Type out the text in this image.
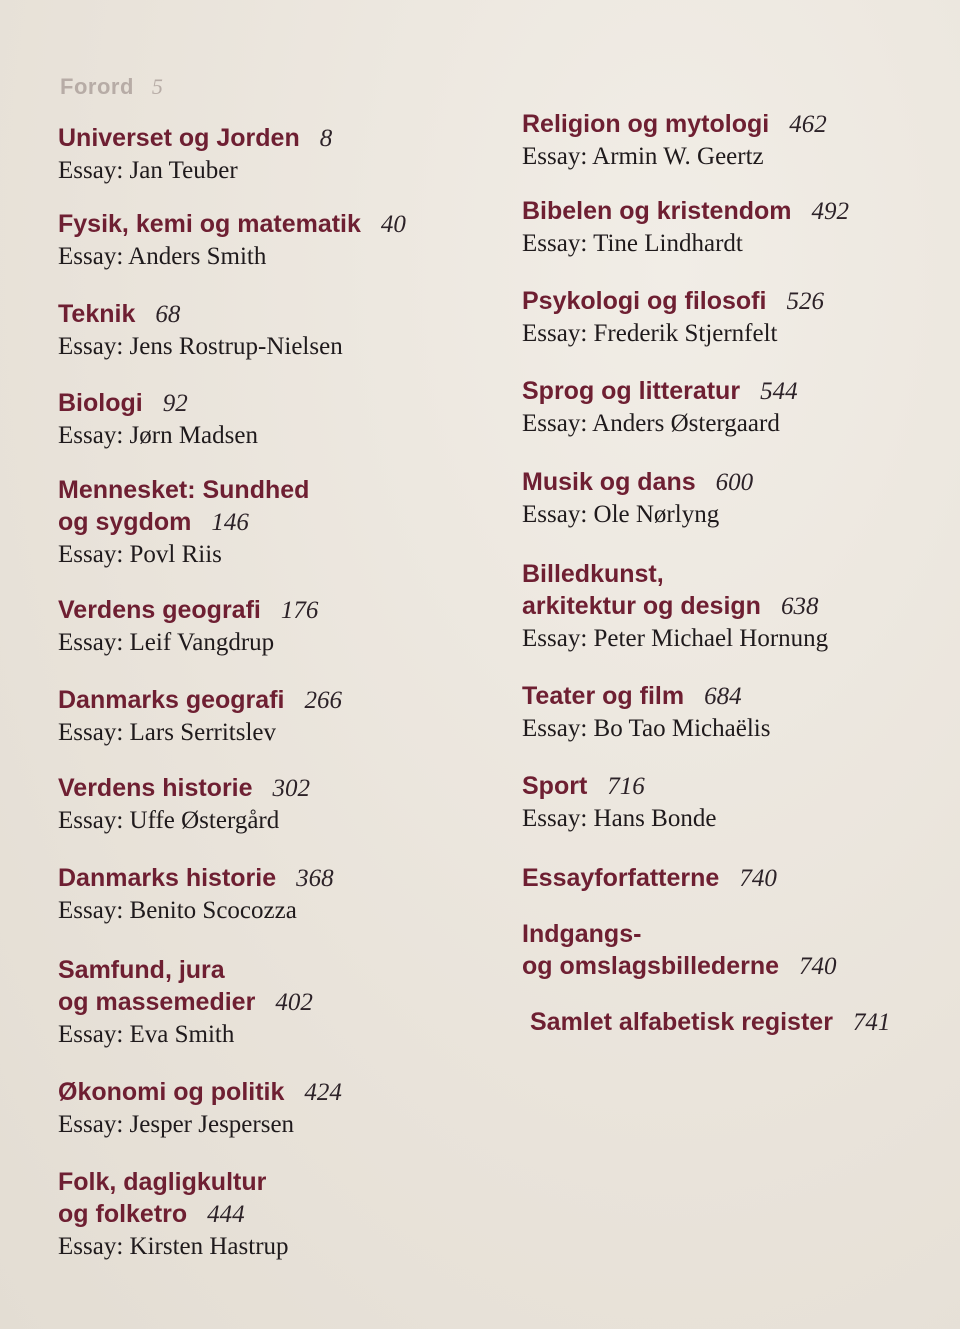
Forord 5
Universet og Jorden 8
Essay: Jan Teuber
Fysik, kemi og matematik 40
Essay: Anders Smith
Teknik 68
Essay: Jens Rostrup-Nielsen
Biologi 92
Essay: Jørn Madsen
Mennesket: Sundhed
og sygdom 146
Essay: Povl Riis
Verdens geografi 176
Essay: Leif Vangdrup
Danmarks geografi 266
Essay: Lars Serritslev
Verdens historie 302
Essay: Uffe Østergård
Danmarks historie 368
Essay: Benito Scocozza
Samfund, jura
og massemedier 402
Essay: Eva Smith
Økonomi og politik 424
Essay: Jesper Jespersen
Folk, dagligkultur
og folketro 444
Essay: Kirsten Hastrup
Religion og mytologi 462
Essay: Armin W. Geertz
Bibelen og kristendom 492
Essay: Tine Lindhardt
Psykologi og filosofi 526
Essay: Frederik Stjernfelt
Sprog og litteratur 544
Essay: Anders Østergaard
Musik og dans 600
Essay: Ole Nørlyng
Billedkunst,
arkitektur og design 638
Essay: Peter Michael Hornung
Teater og film 684
Essay: Bo Tao Michaëlis
Sport 716
Essay: Hans Bonde
Essayforfatterne 740
Indgangs-
og omslagsbillederne 740
Samlet alfabetisk register 741
